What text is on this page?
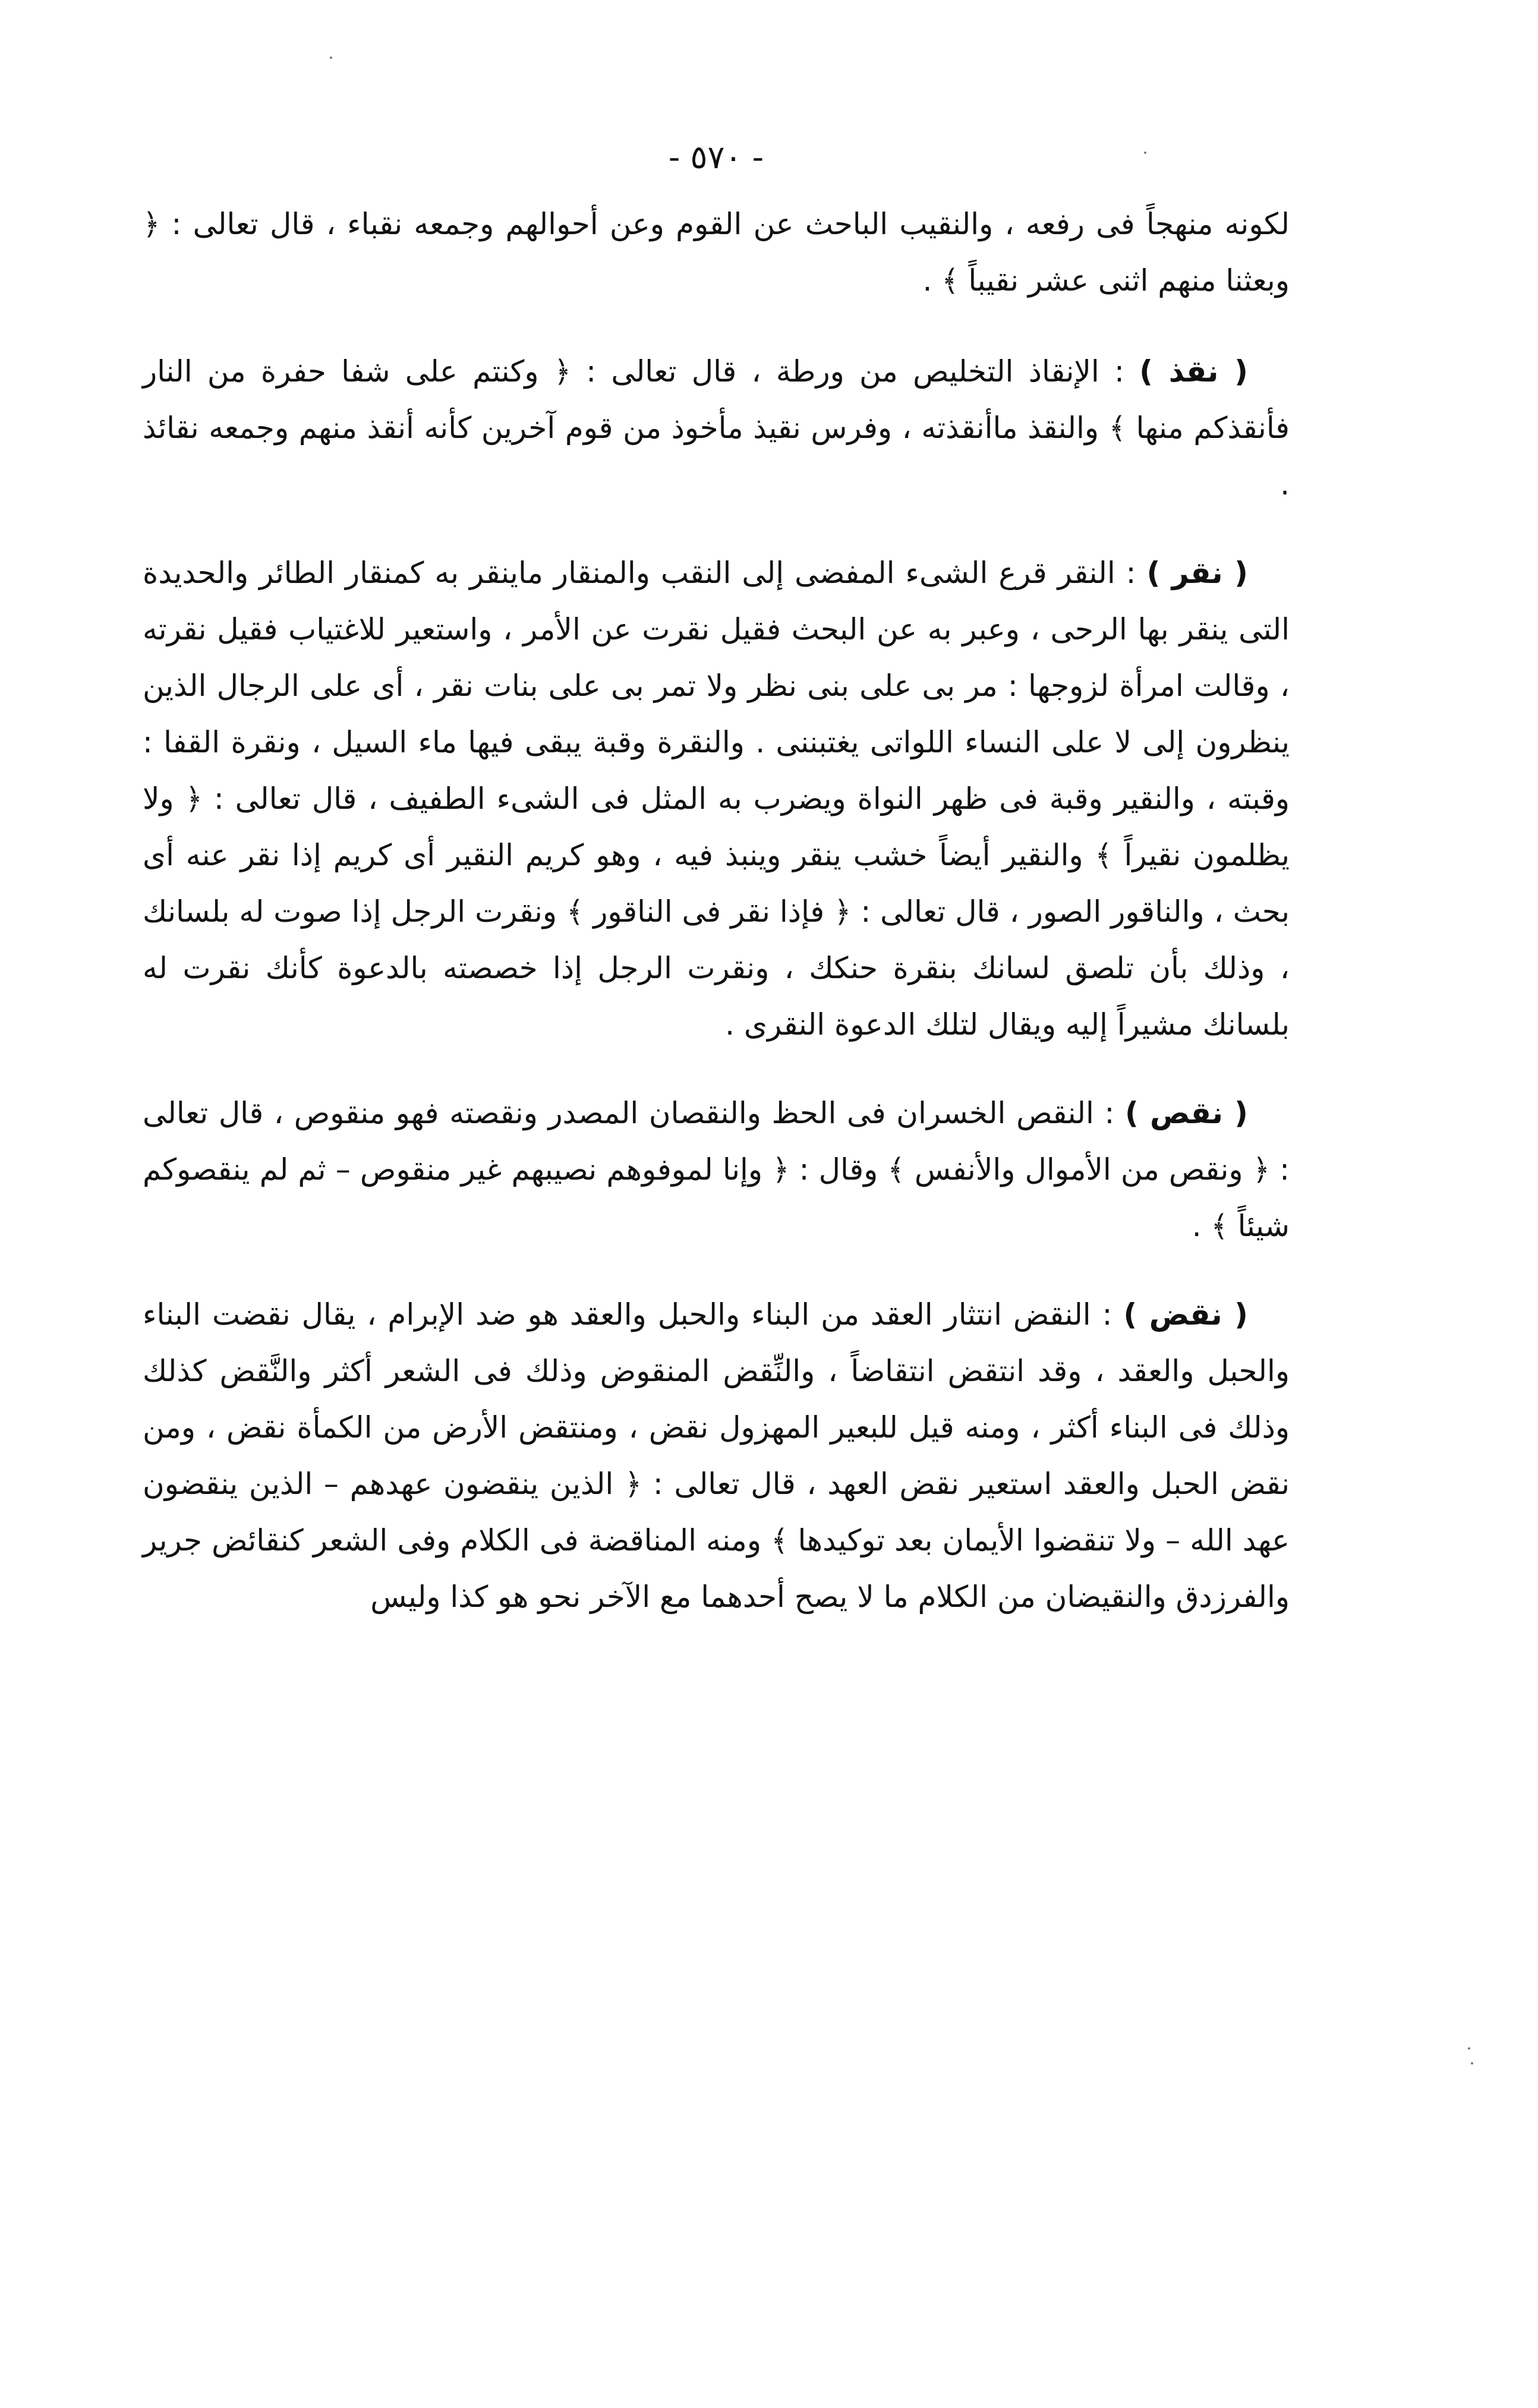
- ٥٧٠ -

لكونه منهجاً فى رفعه ، والنقيب الباحث عن القوم وعن أحوالهم وجمعه نقباء ، قال تعالى : ﴿ وبعثنا منهم اثنى عشر نقيباً ﴾ .

( نقذ ) : الإنقاذ التخليص من ورطة ، قال تعالى : ﴿ وكنتم على شفا حفرة من النار فأنقذكم منها ﴾ والنقذ ماأنقذته ، وفرس نقيذ مأخوذ من قوم آخرين كأنه أنقذ منهم وجمعه نقائذ .

( نقر ) : النقر قرع الشىء المفضى إلى النقب والمنقار ماينقر به كمنقار الطائر والحديدة التى ينقر بها الرحى ، وعبر به عن البحث فقيل نقرت عن الأمر ، واستعير للاغتياب فقيل نقرته ، وقالت امرأة لزوجها : مر بى على بنى نظر ولا تمر بى على بنات نقر ، أى على الرجال الذين ينظرون إلى لا على النساء اللواتى يغتبننى . والنقرة وقبة يبقى فيها ماء السيل ، ونقرة القفا : وقبته ، والنقير وقبة فى ظهر النواة ويضرب به المثل فى الشىء الطفيف ، قال تعالى : ﴿ ولا يظلمون نقيراً ﴾ والنقير أيضاً خشب ينقر وينبذ فيه ، وهو كريم النقير أى كريم إذا نقر عنه أى بحث ، والناقور الصور ، قال تعالى : ﴿ فإذا نقر فى الناقور ﴾ ونقرت الرجل إذا صوت له بلسانك ، وذلك بأن تلصق لسانك بنقرة حنكك ، ونقرت الرجل إذا خصصته بالدعوة كأنك نقرت له بلسانك مشيراً إليه ويقال لتلك الدعوة النقرى .

( نقص ) : النقص الخسران فى الحظ والنقصان المصدر ونقصته فهو منقوص ، قال تعالى : ﴿ ونقص من الأموال والأنفس ﴾ وقال : ﴿ وإنا لموفوهم نصيبهم غير منقوص – ثم لم ينقصوكم شيئاً ﴾ .

( نقض ) : النقض انتثار العقد من البناء والحبل والعقد هو ضد الإبرام ، يقال نقضت البناء والحبل والعقد ، وقد انتقض انتقاضاً ، والنِّقض المنقوض وذلك فى الشعر أكثر والنَّقض كذلك وذلك فى البناء أكثر ، ومنه قيل للبعير المهزول نقض ، ومنتقض الأرض من الكمأة نقض ، ومن نقض الحبل والعقد استعير نقض العهد ، قال تعالى : ﴿ الذين ينقضون عهدهم – الذين ينقضون عهد الله – ولا تنقضوا الأيمان بعد توكيدها ﴾ ومنه المناقضة فى الكلام وفى الشعر كنقائض جرير والفرزدق والنقيضان من الكلام ما لا يصح أحدهما مع الآخر نحو هو كذا وليس
